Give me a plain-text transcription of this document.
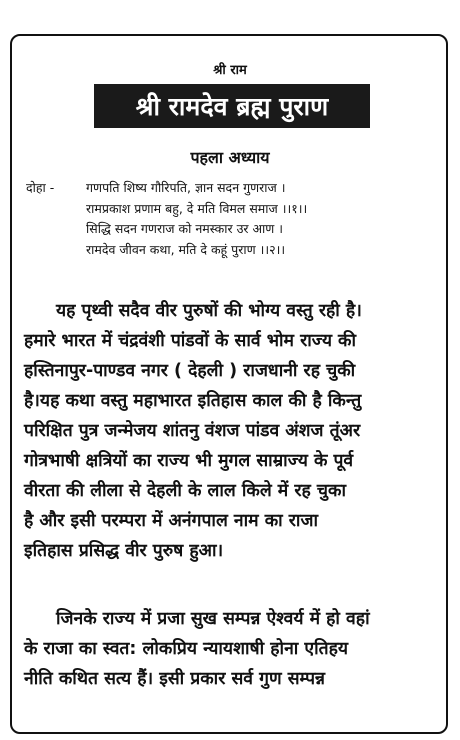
श्री राम
श्री रामदेव ब्रह्म पुराण
पहला अध्याय
दोहा -	गणपति शिष्य गौरिपति, ज्ञान सदन गुणराज ।
रामप्रकाश प्रणाम बहु, दे मति विमल समाज ।।१।।
सिद्धि सदन गणराज को नमस्कार उर आण ।
रामदेव जीवन कथा, मति दे कहूं पुराण ।।२।।
यह पृथ्वी सदैव वीर पुरुषों की भोग्य वस्तु रही है।
हमारे भारत में चंद्रवंशी पांडवों के सार्व भोम राज्य की
हस्तिनापुर-पाण्डव नगर ( देहली ) राजधानी रह चुकी
है।यह कथा वस्तु महाभारत इतिहास काल की है किन्तु
परिक्षित पुत्र जन्मेजय शांतनु वंशज पांडव अंशज तूंअर
गोत्रभाषी क्षत्रियों का राज्य भी मुगल साम्राज्य के पूर्व
वीरता की लीला से देहली के लाल किले में रह चुका
है और इसी परम्परा में अनंगपाल नाम का राजा
इतिहास प्रसिद्ध वीर पुरुष हुआ।
जिनके राज्य में प्रजा सुख सम्पन्न ऐश्वर्य में हो वहां
के राजा का स्वत: लोकप्रिय न्यायशाषी होना एतिहय
नीति कथित सत्य हैं। इसी प्रकार सर्व गुण सम्पन्न
